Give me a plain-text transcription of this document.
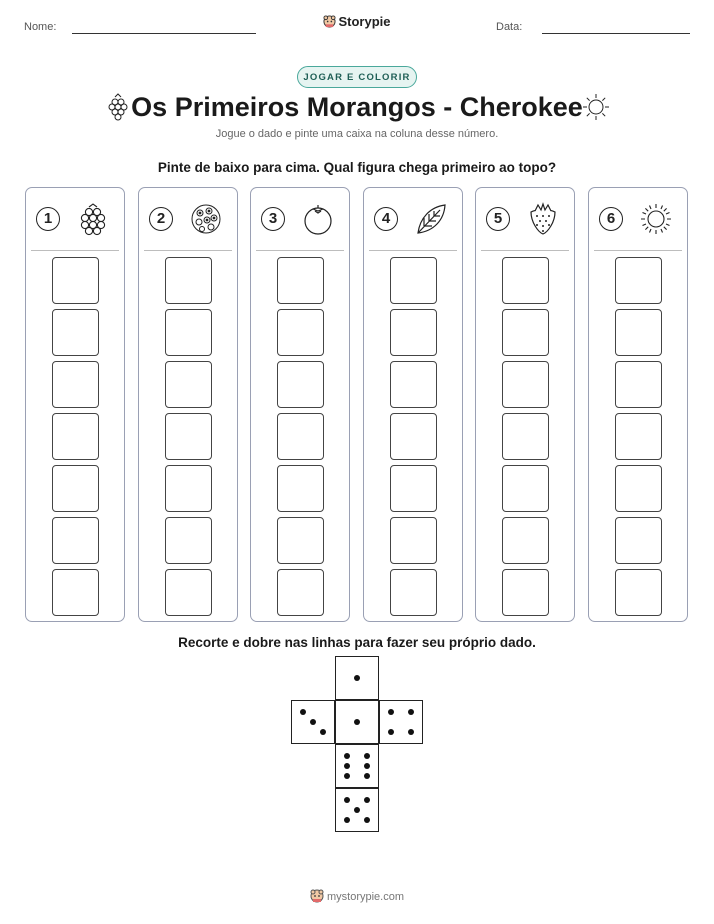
Nome:	Storypie	Data:
JOGAR E COLORIR
Os Primeiros Morangos - Cherokee
Jogue o dado e pinte uma caixa na coluna desse número.
Pinte de baixo para cima. Qual figura chega primeiro ao topo?
1	2	3	4	5	6
Recorte e dobre nas linhas para fazer seu próprio dado.
mystorypie.com
